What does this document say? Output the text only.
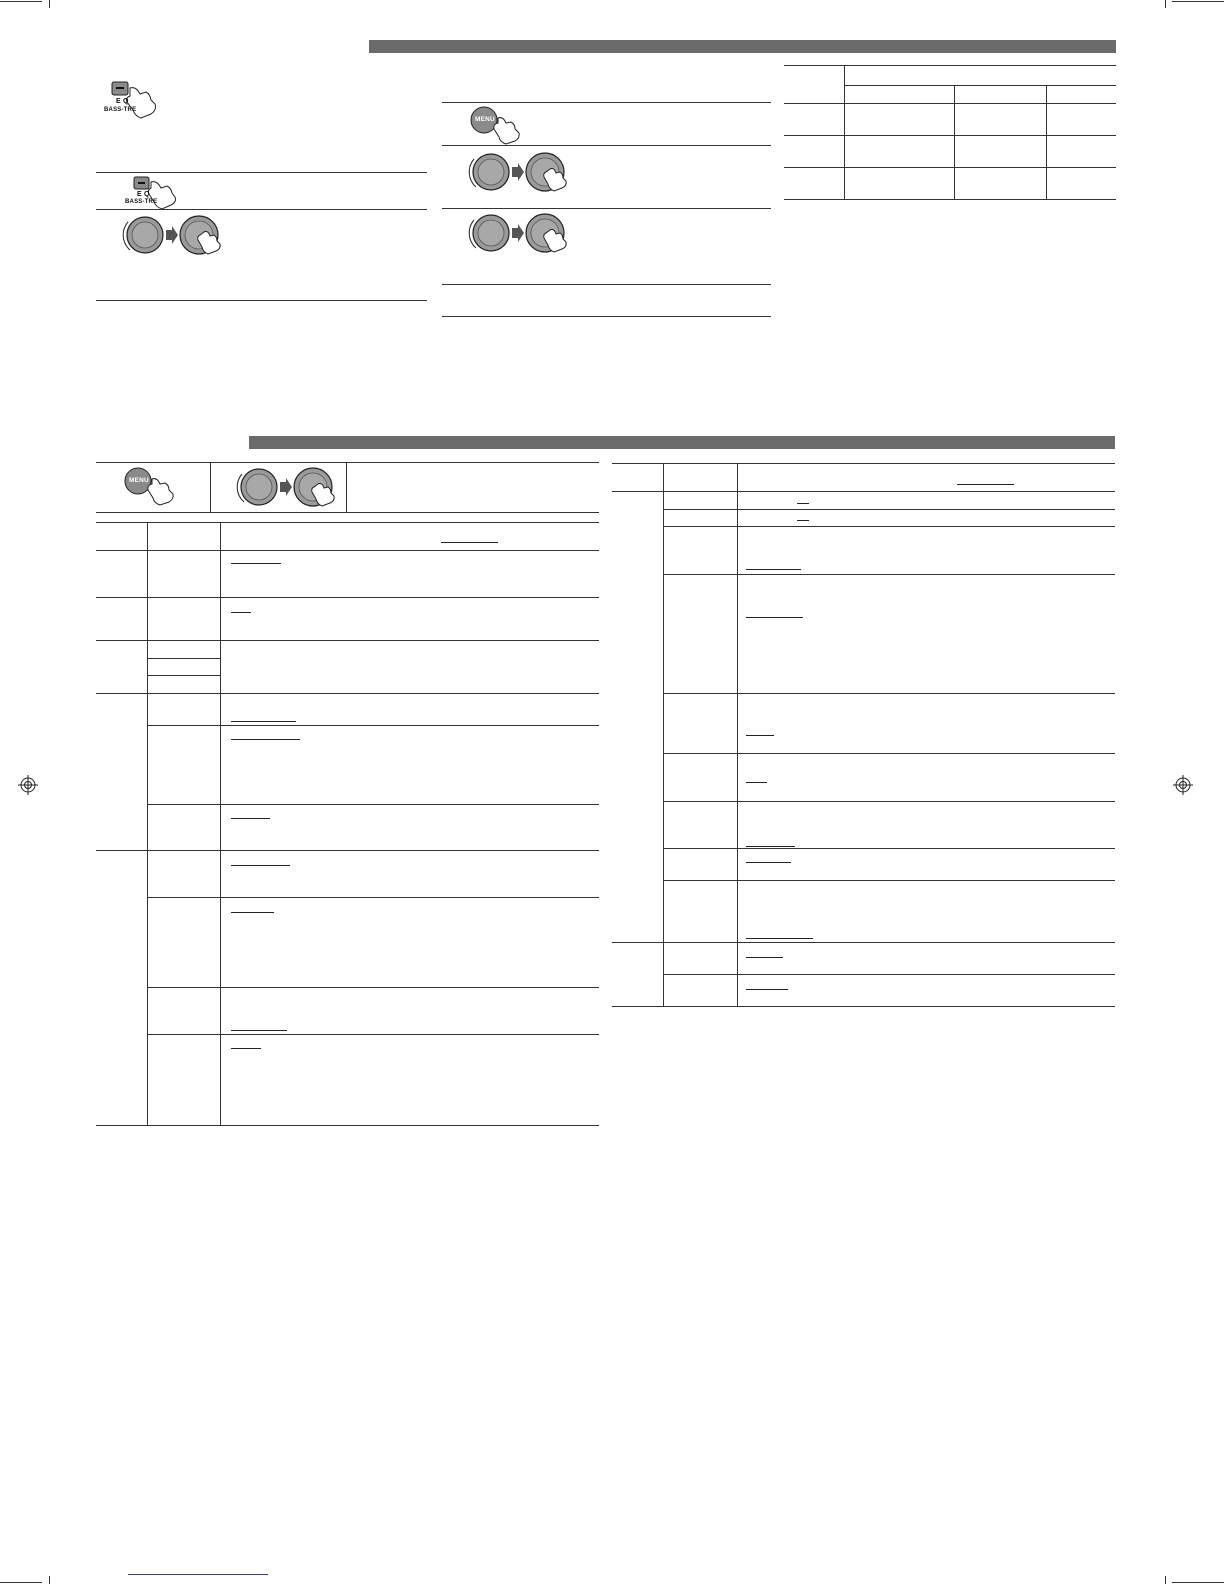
E Q
BASS-TRE
E Q
BASS-TRE
MENU
MENU
